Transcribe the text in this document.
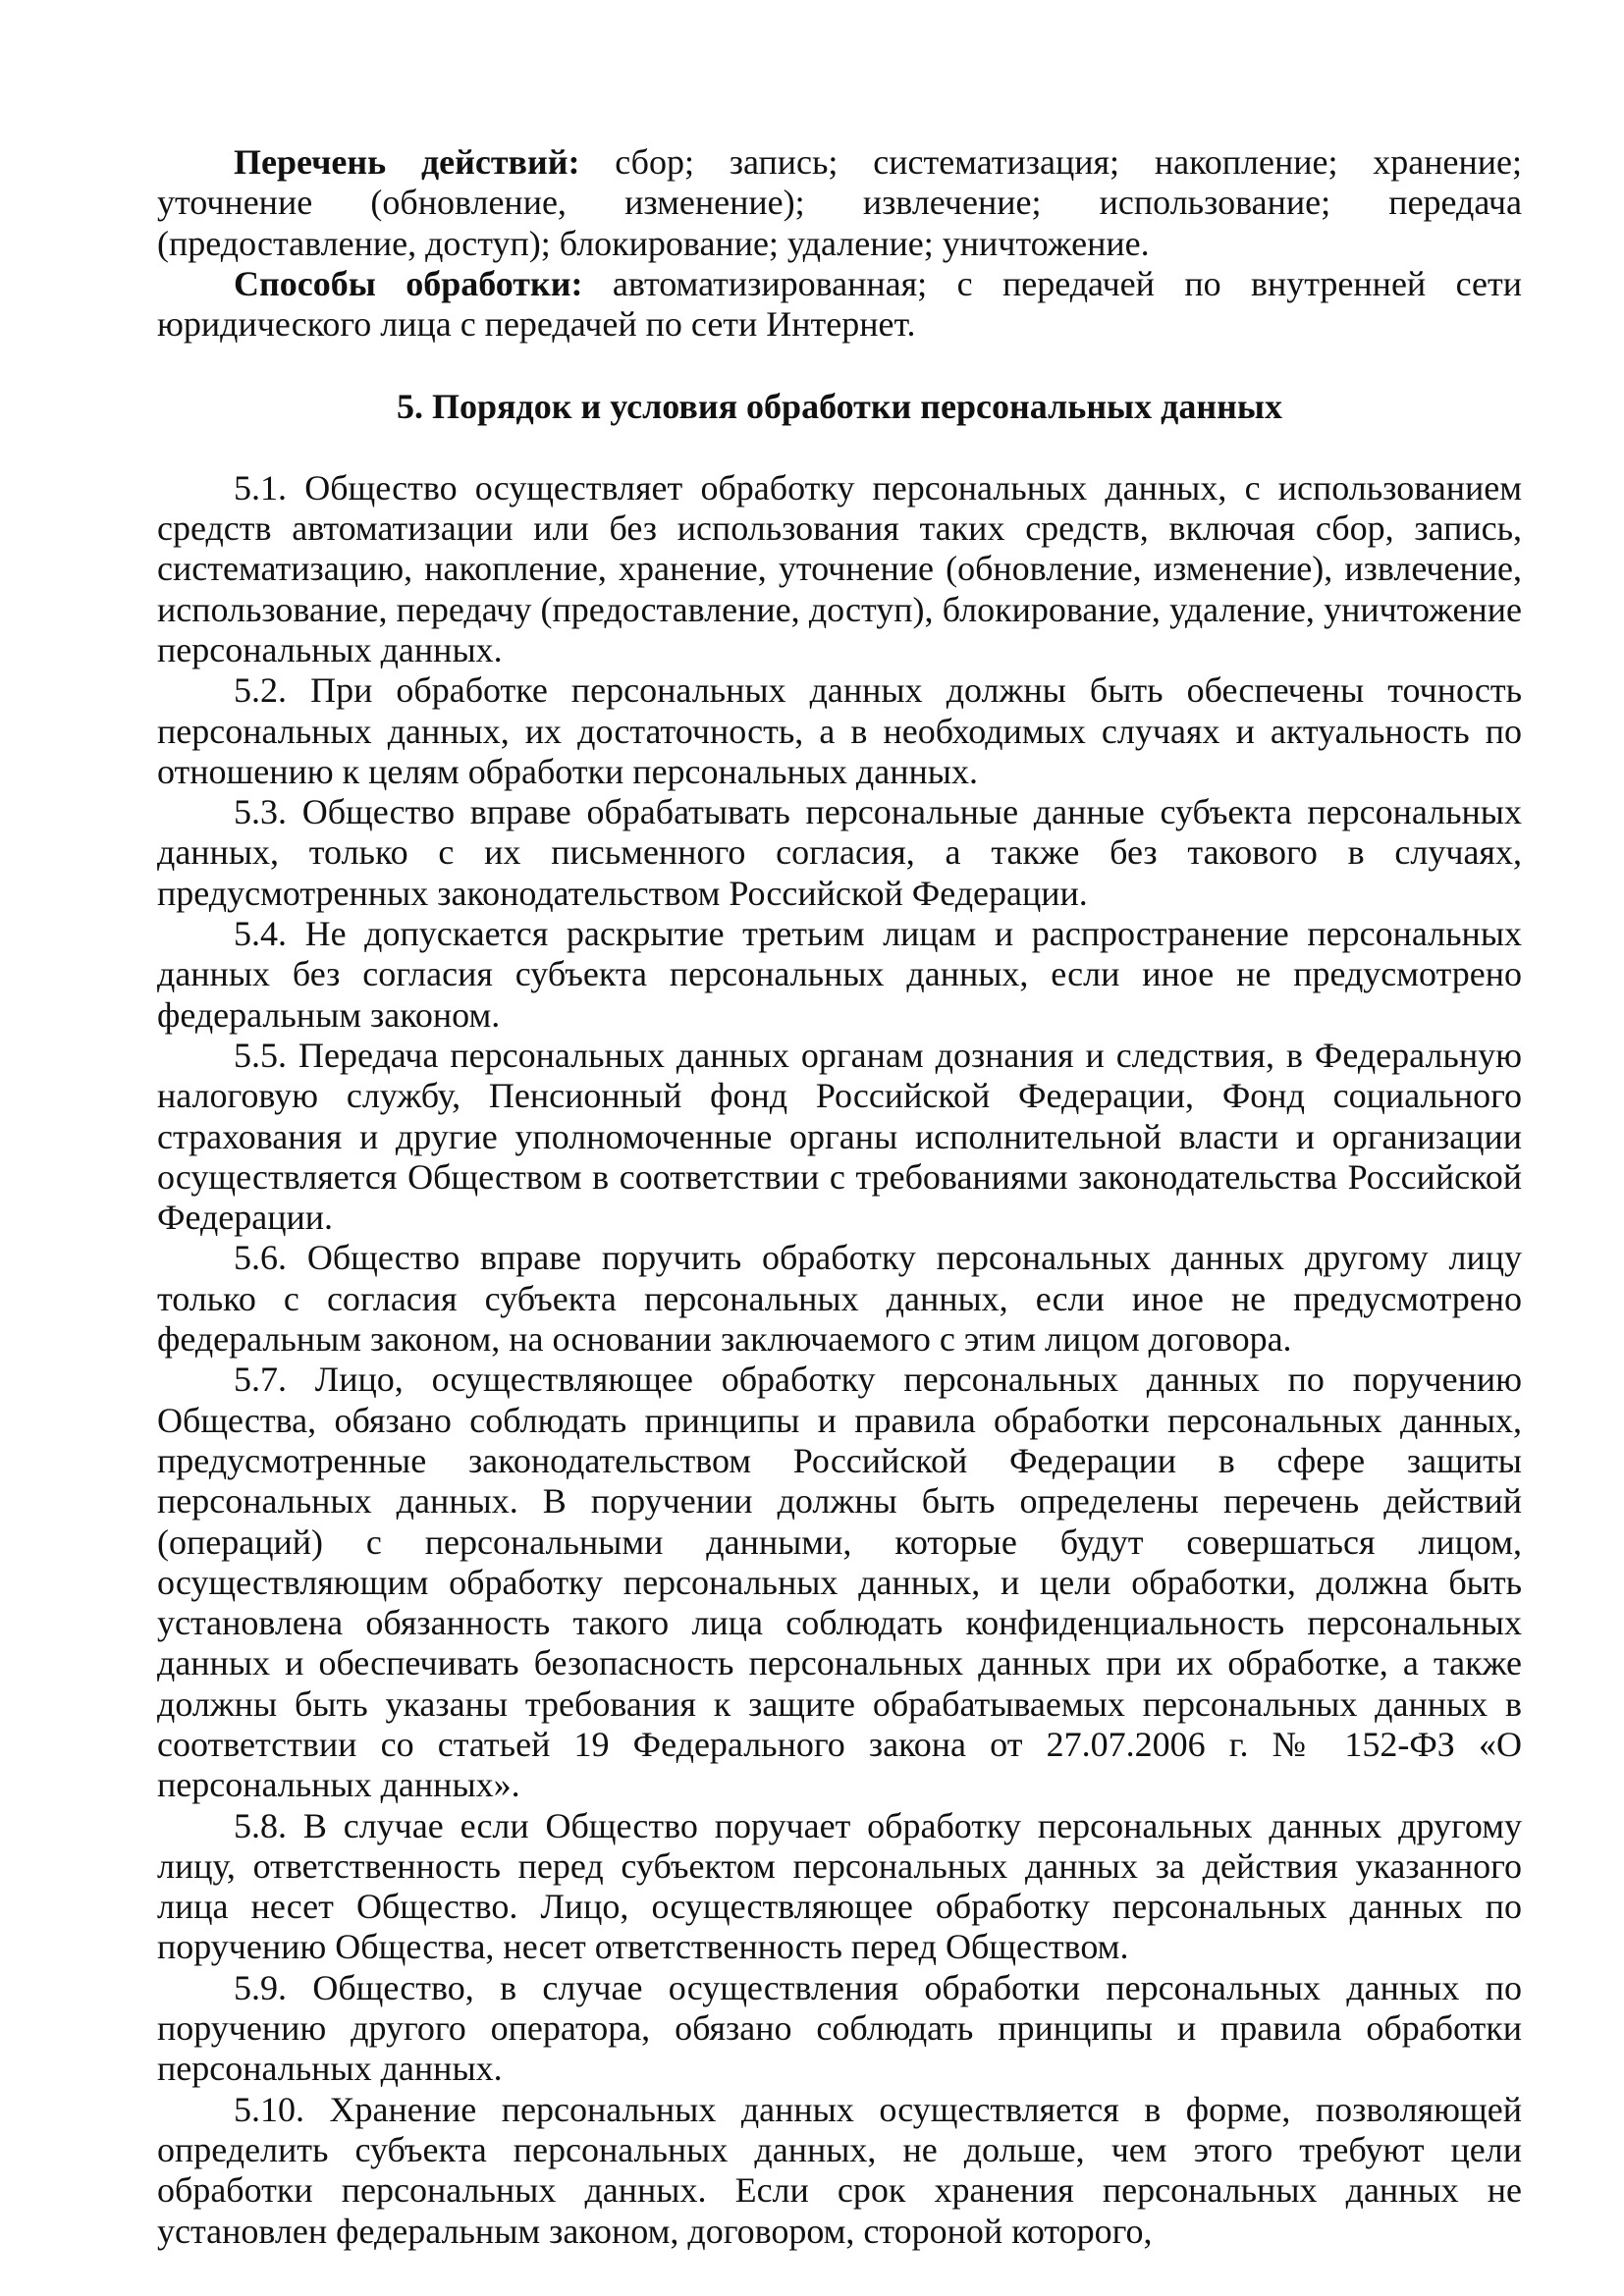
Перечень действий: сбор; запись; систематизация; накопление; хранение; уточнение (обновление, изменение); извлечение; использование; передача (предоставление, доступ); блокирование; удаление; уничтожение.

Способы обработки: автоматизированная; с передачей по внутренней сети юридического лица с передачей по сети Интернет.

5. Порядок и условия обработки персональных данных

5.1. Общество осуществляет обработку персональных данных, с использованием средств автоматизации или без использования таких средств, включая сбор, запись, систематизацию, накопление, хранение, уточнение (обновление, изменение), извлечение, использование, передачу (предоставление, доступ), блокирование, удаление, уничтожение персональных данных.

5.2. При обработке персональных данных должны быть обеспечены точность персональных данных, их достаточность, а в необходимых случаях и актуальность по отношению к целям обработки персональных данных.

5.3. Общество вправе обрабатывать персональные данные субъекта персональных данных, только с их письменного согласия, а также без такового в случаях, предусмотренных законодательством Российской Федерации.

5.4. Не допускается раскрытие третьим лицам и распространение персональных данных без согласия субъекта персональных данных, если иное не предусмотрено федеральным законом.

5.5. Передача персональных данных органам дознания и следствия, в Федеральную налоговую службу, Пенсионный фонд Российской Федерации, Фонд социального страхования и другие уполномоченные органы исполнительной власти и организации осуществляется Обществом в соответствии с требованиями законодательства Российской Федерации.

5.6. Общество вправе поручить обработку персональных данных другому лицу только с согласия субъекта персональных данных, если иное не предусмотрено федеральным законом, на основании заключаемого с этим лицом договора.

5.7. Лицо, осуществляющее обработку персональных данных по поручению Общества, обязано соблюдать принципы и правила обработки персональных данных, предусмотренные законодательством Российской Федерации в сфере защиты персональных данных. В поручении должны быть определены перечень действий (операций) с персональными данными, которые будут совершаться лицом, осуществляющим обработку персональных данных, и цели обработки, должна быть установлена обязанность такого лица соблюдать конфиденциальность персональных данных и обеспечивать безопасность персональных данных при их обработке, а также должны быть указаны требования к защите обрабатываемых персональных данных в соответствии со статьей 19 Федерального закона от 27.07.2006 г. № 152-ФЗ «О персональных данных».

5.8. В случае если Общество поручает обработку персональных данных другому лицу, ответственность перед субъектом персональных данных за действия указанного лица несет Общество. Лицо, осуществляющее обработку персональных данных по поручению Общества, несет ответственность перед Обществом.

5.9. Общество, в случае осуществления обработки персональных данных по поручению другого оператора, обязано соблюдать принципы и правила обработки персональных данных.

5.10. Хранение персональных данных осуществляется в форме, позволяющей определить субъекта персональных данных, не дольше, чем этого требуют цели обработки персональных данных. Если срок хранения персональных данных не установлен федеральным законом, договором, стороной которого,
